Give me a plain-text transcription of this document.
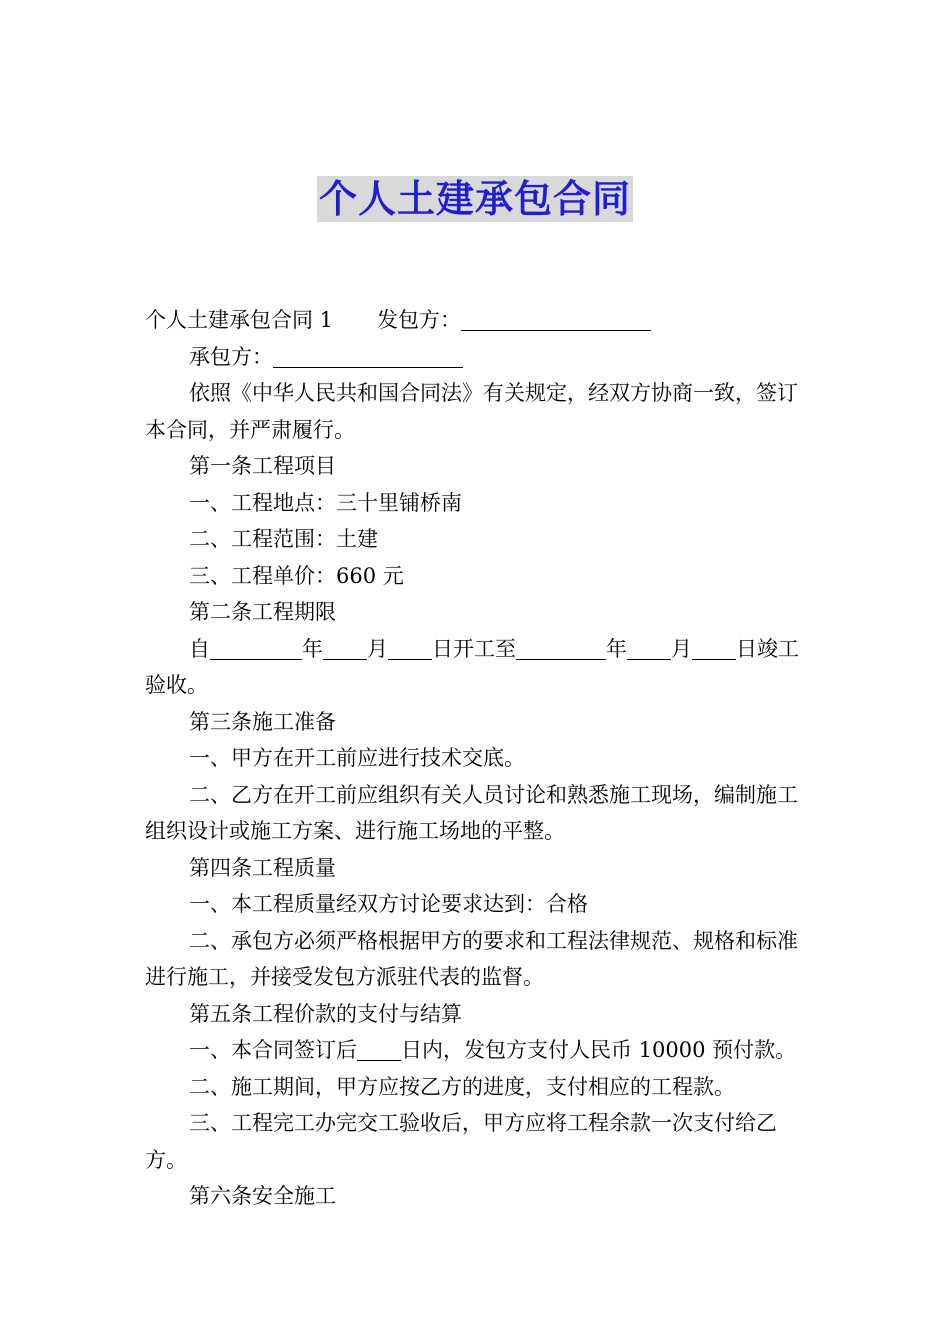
个人土建承包合同

个人土建承包合同 1 发包方：

承包方：

依照《中华人民共和国合同法》有关规定，经双方协商一致，签订本合同，并严肃履行。

第一条工程项目

一、工程地点：三十里铺桥南

二、工程范围：土建

三、工程单价：660 元

第二条工程期限

自	年 月 日开工至	年 月 日竣工验收。

第三条施工准备

一、甲方在开工前应进行技术交底。

二、乙方在开工前应组织有关人员讨论和熟悉施工现场，编制施工组织设计或施工方案、进行施工场地的平整。

第四条工程质量

一、本工程质量经双方讨论要求达到：合格

二、承包方必须严格根据甲方的要求和工程法律规范、规格和标准进行施工，并接受发包方派驻代表的监督。

第五条工程价款的支付与结算

一、本合同签订后 日内，发包方支付人民币 10000 预付款。

二、施工期间，甲方应按乙方的进度，支付相应的工程款。

三、工程完工办完交工验收后，甲方应将工程余款一次支付给乙方。

第六条安全施工
